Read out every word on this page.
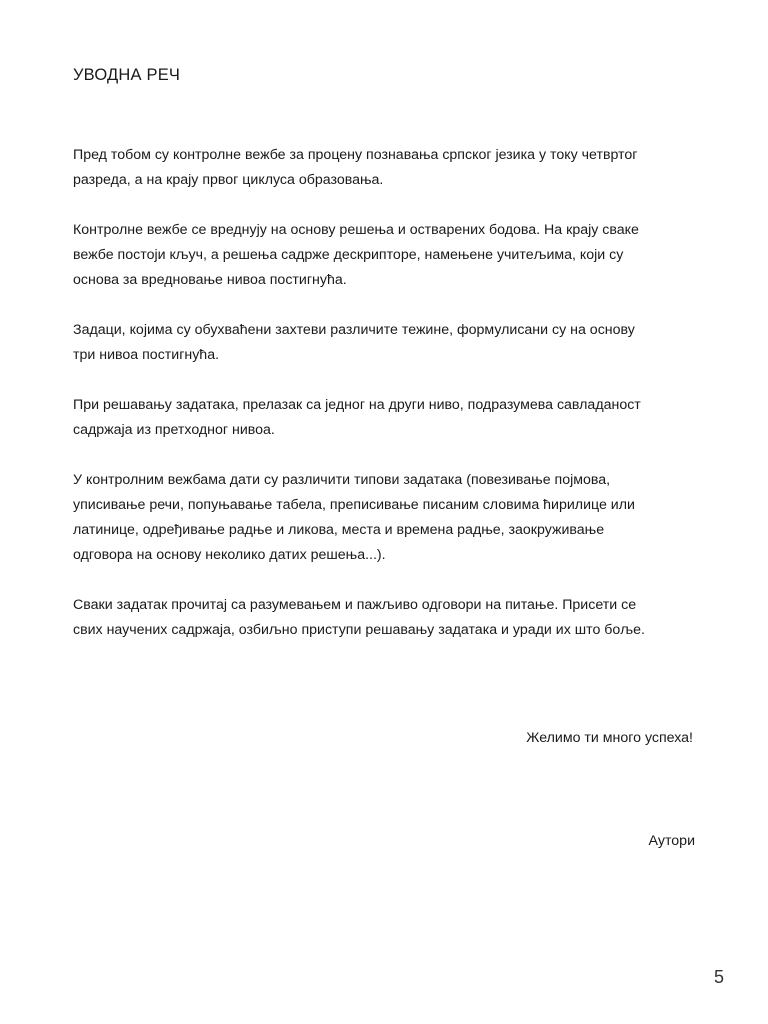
УВОДНА РЕЧ

Пред тобом су контролне вежбе за процену познавања српског језика у току четвртог
разреда, а на крају првог циклуса образовања.

Контролне вежбе се вреднују на основу решења и остварених бодова. На крају сваке
вежбе постоји кључ, а решења садрже дескрипторе, намењене учитељима, који су
основа за вредновање нивоа постигнућа.

Задаци, којима су обухваћени захтеви различите тежине, формулисани су на основу
три нивоа постигнућа.

При решавању задатака, прелазак са једног на други ниво, подразумева савладаност
садржаја из претходног нивоа.

У контролним вежбама дати су различити типови задатака (повезивање појмова,
уписивање речи, попуњавање табела, преписивање писаним словима ћирилице или
латинице, одређивање радње и ликова, места и времена радње, заокруживање
одговора на основу неколико датих решења...).

Сваки задатак прочитај са разумевањем и пажљиво одговори на питање. Присети се
свих научених садржаја, озбиљно приступи решавању задатака и уради их што боље.

Желимо ти много успеха!

Аутори

5
